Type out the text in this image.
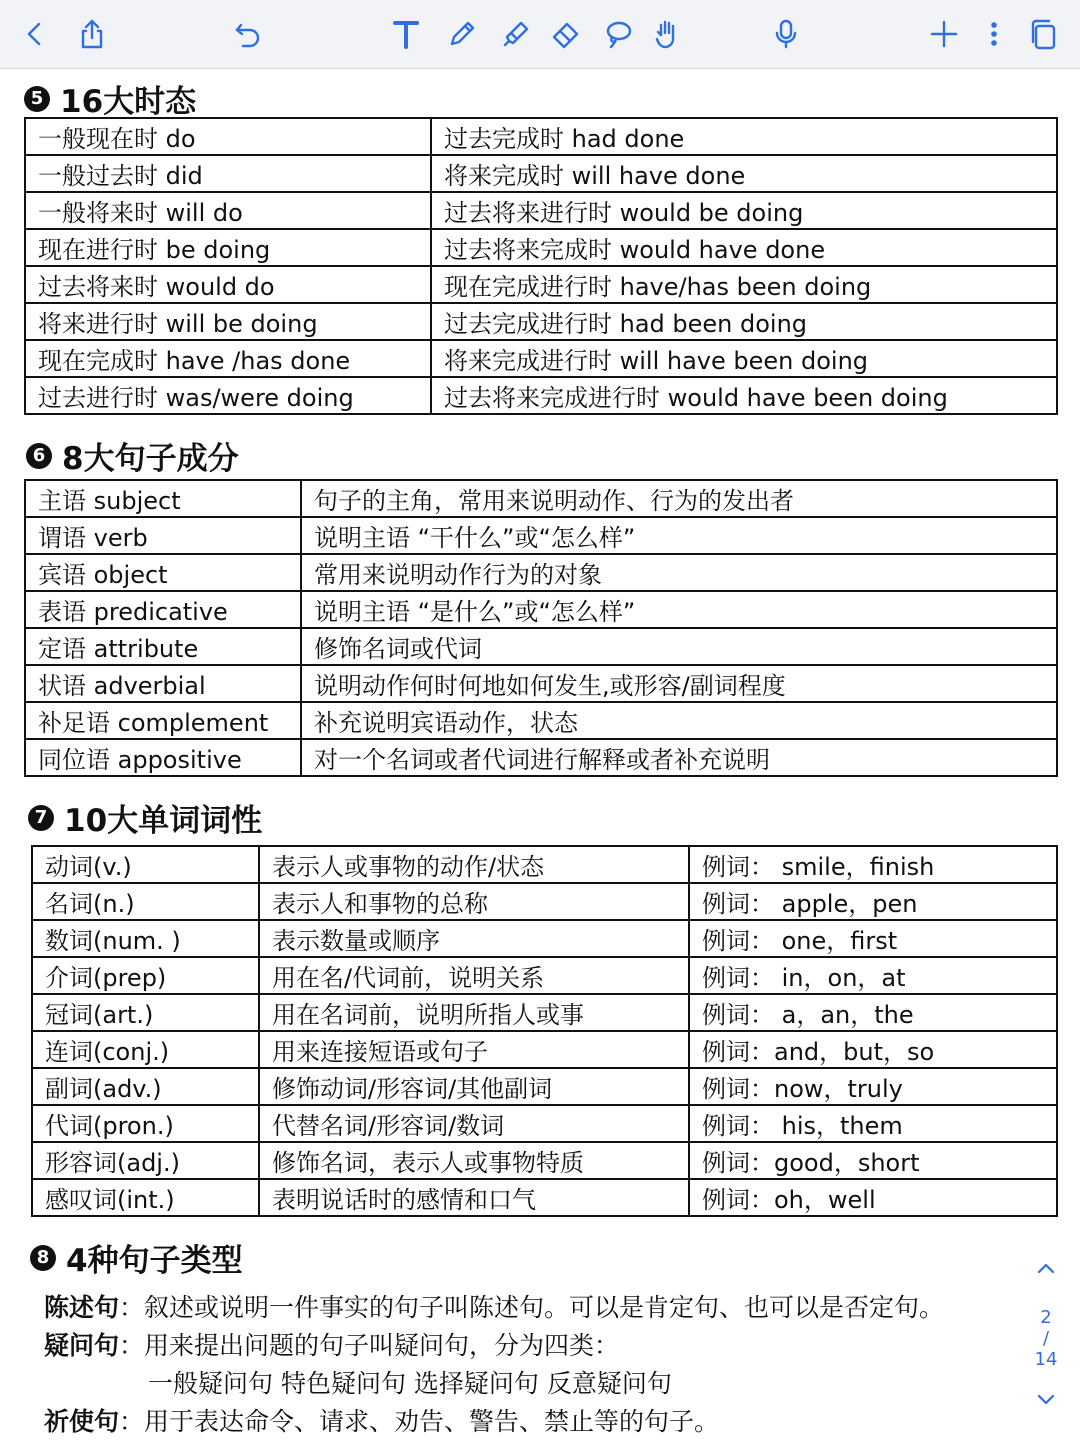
5 16大时态
一般现在时 do	过去完成时 had done
一般过去时 did	将来完成时 will have done
一般将来时 will do	过去将来进行时 would be doing
现在进行时 be doing	过去将来完成时 would have done
过去将来时 would do	现在完成进行时 have/has been doing
将来进行时 will be doing	过去完成进行时 had been doing
现在完成时 have /has done	将来完成进行时 will have been doing
过去进行时 was/were doing	过去将来完成进行时 would have been doing
6 8大句子成分
主语 subject	句子的主角，常用来说明动作、行为的发出者
谓语 verb	说明主语 “干什么”或“怎么样”
宾语 object	常用来说明动作行为的对象
表语 predicative	说明主语 “是什么”或“怎么样”
定语 attribute	修饰名词或代词
状语 adverbial	说明动作何时何地如何发生,或形容/副词程度
补足语 complement	补充说明宾语动作，状态
同位语 appositive	对一个名词或者代词进行解释或者补充说明
7 10大单词词性
动词(v.)	表示人或事物的动作/状态	例词： smile，finish
名词(n.)	表示人和事物的总称	例词： apple，pen
数词(num. )	表示数量或顺序	例词： one，first
介词(prep)	用在名/代词前，说明关系	例词： in，on，at
冠词(art.)	用在名词前，说明所指人或事	例词： a，an，the
连词(conj.)	用来连接短语或句子	例词：and，but，so
副词(adv.)	修饰动词/形容词/其他副词	例词：now，truly
代词(pron.)	代替名词/形容词/数词	例词： his，them
形容词(adj.)	修饰名词，表示人或事物特质	例词：good，short
感叹词(int.)	表明说话时的感情和口气	例词：oh，well
8 4种句子类型
陈述句：叙述或说明一件事实的句子叫陈述句。可以是肯定句、也可以是否定句。
疑问句：用来提出问题的句子叫疑问句，分为四类：
一般疑问句 特色疑问句 选择疑问句 反意疑问句
祈使句：用于表达命令、请求、劝告、警告、禁止等的句子。
2
/
14
